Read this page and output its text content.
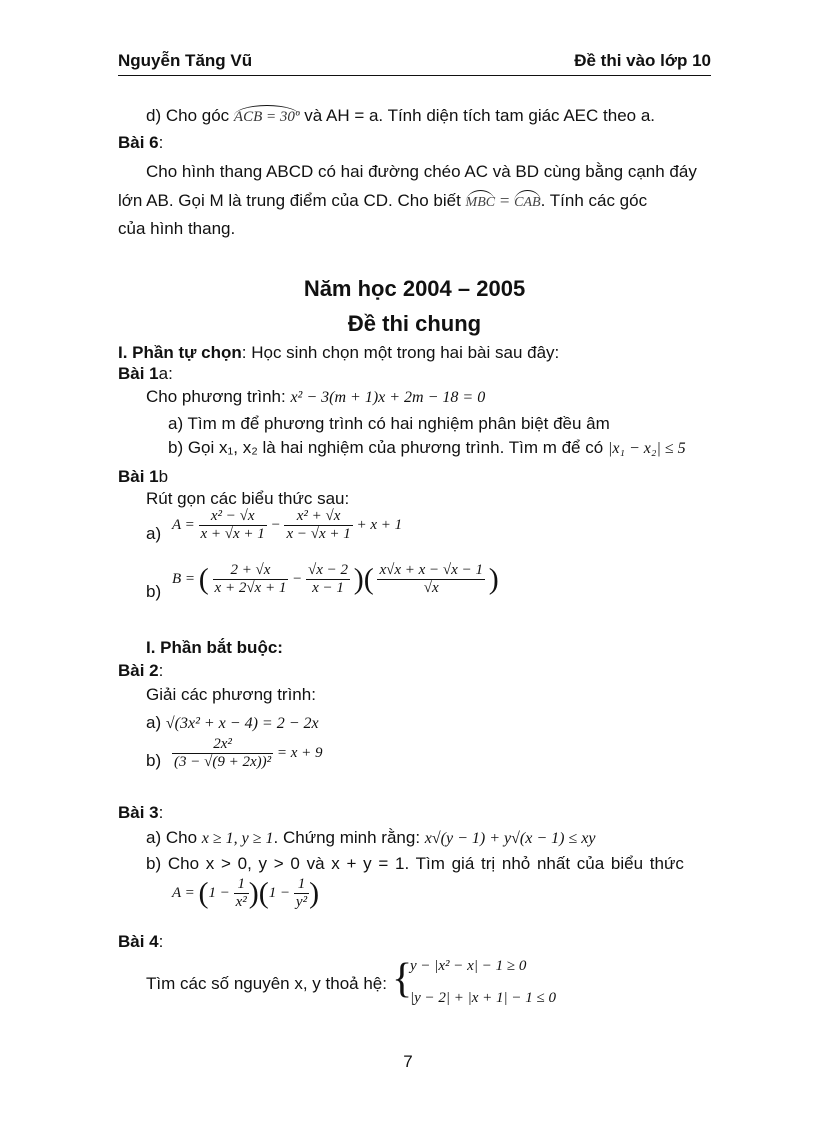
Nguyễn Tăng Vũ	Đề thi vào lớp 10
d) Cho góc ACB = 30º và AH = a. Tính diện tích tam giác AEC theo a.
Bài 6:
Cho hình thang ABCD có hai đường chéo AC và BD cùng bằng cạnh đáy
lớn AB. Gọi M là trung điểm của CD. Cho biết MBC = CAB. Tính các góc
của hình thang.
Năm học 2004 – 2005
Đề thi chung
I. Phần tự chọn: Học sinh chọn một trong hai bài sau đây:
Bài 1a:
Cho phương trình: x² − 3(m + 1)x + 2m − 18 = 0
a) Tìm m để phương trình có hai nghiệm phân biệt đều âm
b) Gọi x₁, x₂ là hai nghiệm của phương trình. Tìm m để có |x₁ − x₂| ≤ 5
Bài 1b
Rút gọn các biểu thức sau:
a) $A = \frac{\text{x² − √x}}{x + √x + 1} - \frac{\text{x² + √x}}{x - √x + 1} + x + 1$
b)
B = ( $\frac{2 + √x}{x + 2√x + 1} - \frac{√x - 2}{x - 1}$ )( $\frac{x√x + x - √x - 1}{√x}$ )
I. Phần bắt buộc:
Bài 2:
Giải các phương trình:
a) √(3x² + x − 4) = 2 − 2x
$b) \frac{\text{2x²}}{\text{(3 − √(9 + 2x))²}} = x + 9$
Bài 3:
a) Cho x ≥ 1, y ≥ 1. Chứng minh rằng: x√(y − 1) + y√(x − 1) ≤ xy
b) Cho x > 0, y > 0 và x + y = 1. Tìm giá trị nhỏ nhất của biểu thức
$A = (1 - \frac{1}{\text{x²}} )(1 - \frac{1}{\text{y²}}$ )
Bài 4:
Tìm các số nguyên x, y thoả hệ: {
y − |x² − x| − 1 ≥ 0
|y − 2| + |x + 1| − 1 ≤ 0
7
